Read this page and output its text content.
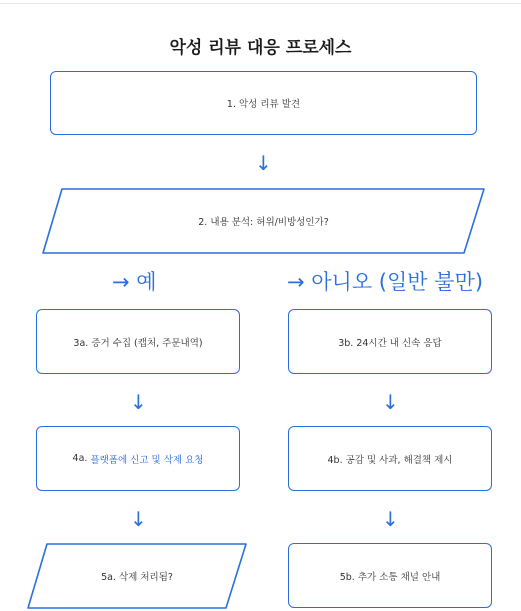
악성 리뷰 대응 프로세스
1. 악성 리뷰 발견
↓
2. 내용 분석: 허위/비방성인가?
→ 예	→ 아니오 (일반 불만)
3a. 증거 수집 (캡처, 주문내역)	3b. 24시간 내 신속 응답
↓	↓
4a. 플랫폼에 신고 및 삭제 요청	4b. 공감 및 사과, 해결책 제시
↓	↓
5a. 삭제 처리됨?	5b. 추가 소통 채널 안내
